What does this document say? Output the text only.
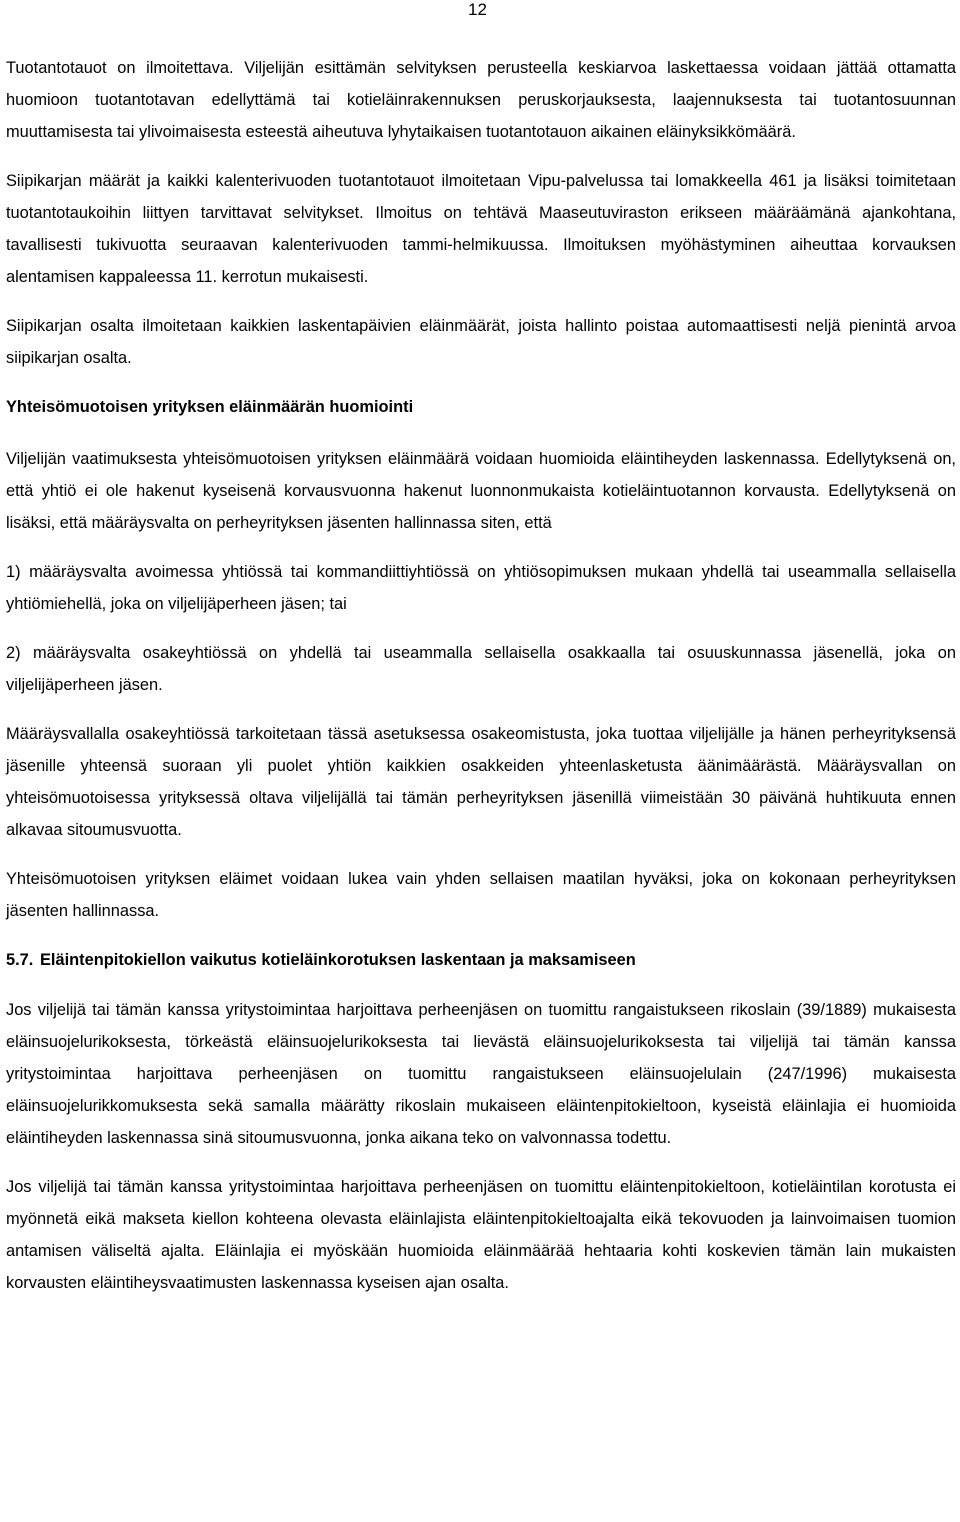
12

Tuotantotauot on ilmoitettava. Viljelijän esittämän selvityksen perusteella keskiarvoa laskettaessa voidaan jättää ottamatta huomioon tuotantotavan edellyttämä tai kotieläinrakennuksen peruskorjauksesta, laajennuksesta tai tuotantosuunnan muuttamisesta tai ylivoimaisesta esteestä aiheutuva lyhytaikaisen tuotantotauon aikainen eläinyksikkömäärä.

Siipikarjan määrät ja kaikki kalenterivuoden tuotantotauot ilmoitetaan Vipu-palvelussa tai lomakkeella 461 ja lisäksi toimitetaan tuotantotaukoihin liittyen tarvittavat selvitykset. Ilmoitus on tehtävä Maaseutuviraston erikseen määräämänä ajankohtana, tavallisesti tukivuotta seuraavan kalenterivuoden tammi-helmikuussa. Ilmoituksen myöhästyminen aiheuttaa korvauksen alentamisen kappaleessa 11. kerrotun mukaisesti.

Siipikarjan osalta ilmoitetaan kaikkien laskentapäivien eläinmäärät, joista hallinto poistaa automaattisesti neljä pienintä arvoa siipikarjan osalta.

Yhteisömuotoisen yrityksen eläinmäärän huomiointi

Viljelijän vaatimuksesta yhteisömuotoisen yrityksen eläinmäärä voidaan huomioida eläintiheyden laskennassa. Edellytyksenä on, että yhtiö ei ole hakenut kyseisenä korvausvuonna hakenut luonnonmukaista kotieläintuotannon korvausta. Edellytyksenä on lisäksi, että määräysvalta on perheyrityksen jäsenten hallinnassa siten, että

1) määräysvalta avoimessa yhtiössä tai kommandiittiyhtiössä on yhtiösopimuksen mukaan yhdellä tai useammalla sellaisella yhtiömiehellä, joka on viljelijäperheen jäsen; tai

2) määräysvalta osakeyhtiössä on yhdellä tai useammalla sellaisella osakkaalla tai osuuskunnassa jäsenellä, joka on viljelijäperheen jäsen.

Määräysvallalla osakeyhtiössä tarkoitetaan tässä asetuksessa osakeomistusta, joka tuottaa viljelijälle ja hänen perheyrityksensä jäsenille yhteensä suoraan yli puolet yhtiön kaikkien osakkeiden yhteenlasketusta äänimäärästä. Määräysvallan on yhteisömuotoisessa yrityksessä oltava viljelijällä tai tämän perheyrityksen jäsenillä viimeistään 30 päivänä huhtikuuta ennen alkavaa sitoumusvuotta.

Yhteisömuotoisen yrityksen eläimet voidaan lukea vain yhden sellaisen maatilan hyväksi, joka on kokonaan perheyrityksen jäsenten hallinnassa.

5.7. Eläintenpitokiellon vaikutus kotieläinkorotuksen laskentaan ja maksamiseen

Jos viljelijä tai tämän kanssa yritystoimintaa harjoittava perheenjäsen on tuomittu rangaistukseen rikoslain (39/1889) mukaisesta eläinsuojelurikoksesta, törkeästä eläinsuojelurikoksesta tai lievästä eläinsuojelurikoksesta tai viljelijä tai tämän kanssa yritystoimintaa harjoittava perheenjäsen on tuomittu rangaistukseen eläinsuojelulain (247/1996) mukaisesta eläinsuojelurikkomuksesta sekä samalla määrätty rikoslain mukaiseen eläintenpitokieltoon, kyseistä eläinlajia ei huomioida eläintiheyden laskennassa sinä sitoumusvuonna, jonka aikana teko on valvonnassa todettu.

Jos viljelijä tai tämän kanssa yritystoimintaa harjoittava perheenjäsen on tuomittu eläintenpitokieltoon, kotieläintilan korotusta ei myönnetä eikä makseta kiellon kohteena olevasta eläinlajista eläintenpitokieltoajalta eikä tekovuoden ja lainvoimaisen tuomion antamisen väliseltä ajalta. Eläinlajia ei myöskään huomioida eläinmäärää hehtaaria kohti koskevien tämän lain mukaisten korvausten eläintiheysvaatimusten laskennassa kyseisen ajan osalta.
